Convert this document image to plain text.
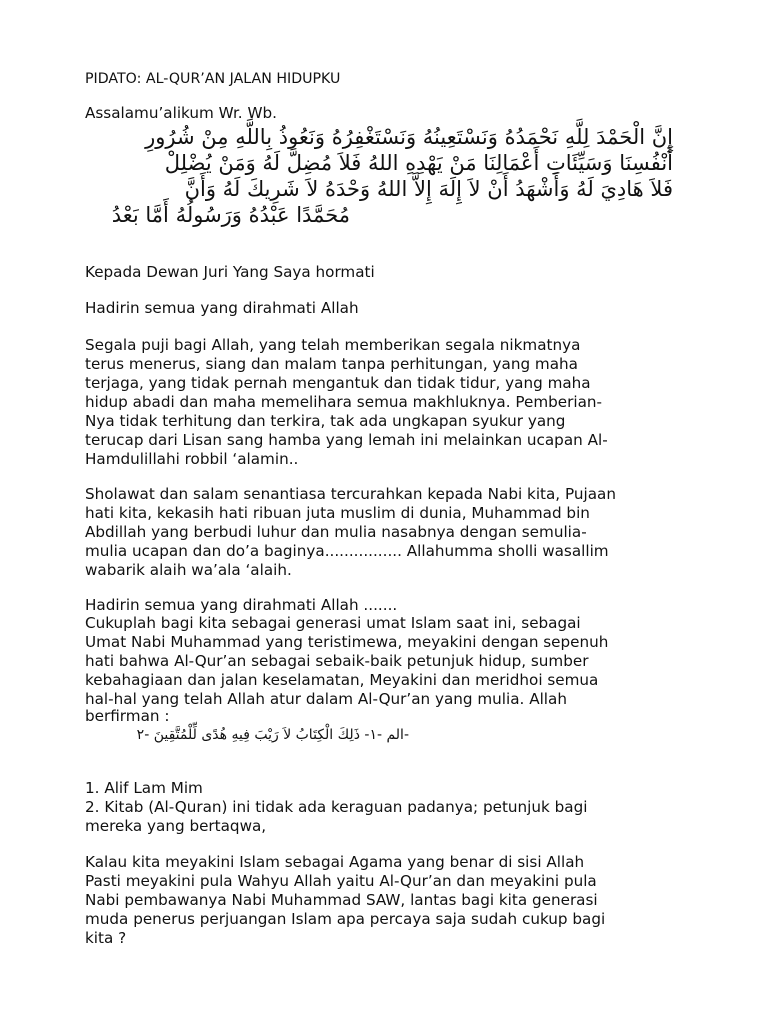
PIDATO: AL-QUR’AN JALAN HIDUPKU
Assalamu’alikum Wr. Wb.
إِنَّ الْحَمْدَ لِلَّهِ نَحْمَدُهُ وَنَسْتَعِينُهُ وَنَسْتَغْفِرُهُ وَنَعُوذُ بِاللَّهِ مِنْ شُرُورِ
أَنْفُسِنَا وَسَيِّئَاتِ أَعْمَالِنَا مَنْ يَهْدِهِ اللهُ فَلاَ مُضِلَّ لَهُ وَمَنْ يُضْلِلْ
فَلاَ هَادِيَ لَهُ وَأَشْهَدُ أَنْ لاَ إِلَهَ إِلاَّ اللهُ وَحْدَهُ لاَ شَرِيكَ لَهُ وَأَنَّ
مُحَمَّدًا عَبْدُهُ وَرَسُولُهُ أَمَّا بَعْدُ
Kepada Dewan Juri Yang Saya hormati
Hadirin semua yang dirahmati Allah
Segala puji bagi Allah, yang telah memberikan segala nikmatnya
terus menerus, siang dan malam tanpa perhitungan, yang maha
terjaga, yang tidak pernah mengantuk dan tidak tidur, yang maha
hidup abadi dan maha memelihara semua makhluknya. Pemberian-
Nya tidak terhitung dan terkira, tak ada ungkapan syukur yang
terucap dari Lisan sang hamba yang lemah ini melainkan ucapan Al-
Hamdulillahi robbil ‘alamin..
Sholawat dan salam senantiasa tercurahkan kepada Nabi kita, Pujaan
hati kita, kekasih hati ribuan juta muslim di dunia, Muhammad bin
Abdillah yang berbudi luhur dan mulia nasabnya dengan semulia-
mulia ucapan dan do’a baginya................ Allahumma sholli wasallim
wabarik alaih wa’ala ‘alaih.
Hadirin semua yang dirahmati Allah .......
Cukuplah bagi kita sebagai generasi umat Islam saat ini, sebagai
Umat Nabi Muhammad yang teristimewa, meyakini dengan sepenuh
hati bahwa Al-Qur’an sebagai sebaik-baik petunjuk hidup, sumber
kebahagiaan dan jalan keselamatan, Meyakini dan meridhoi semua
hal-hal yang telah Allah atur dalam Al-Qur’an yang mulia. Allah
berfirman :
-الم -١- ذَلِكَ الْكِتَابُ لاَ رَيْبَ فِيهِ هُدًى لِّلْمُتَّقِينَ -٢
1. Alif Lam Mim
2. Kitab (Al-Quran) ini tidak ada keraguan padanya; petunjuk bagi
mereka yang bertaqwa,
Kalau kita meyakini Islam sebagai Agama yang benar di sisi Allah
Pasti meyakini pula Wahyu Allah yaitu Al-Qur’an dan meyakini pula
Nabi pembawanya Nabi Muhammad SAW, lantas bagi kita generasi
muda penerus perjuangan Islam apa percaya saja sudah cukup bagi
kita ?
